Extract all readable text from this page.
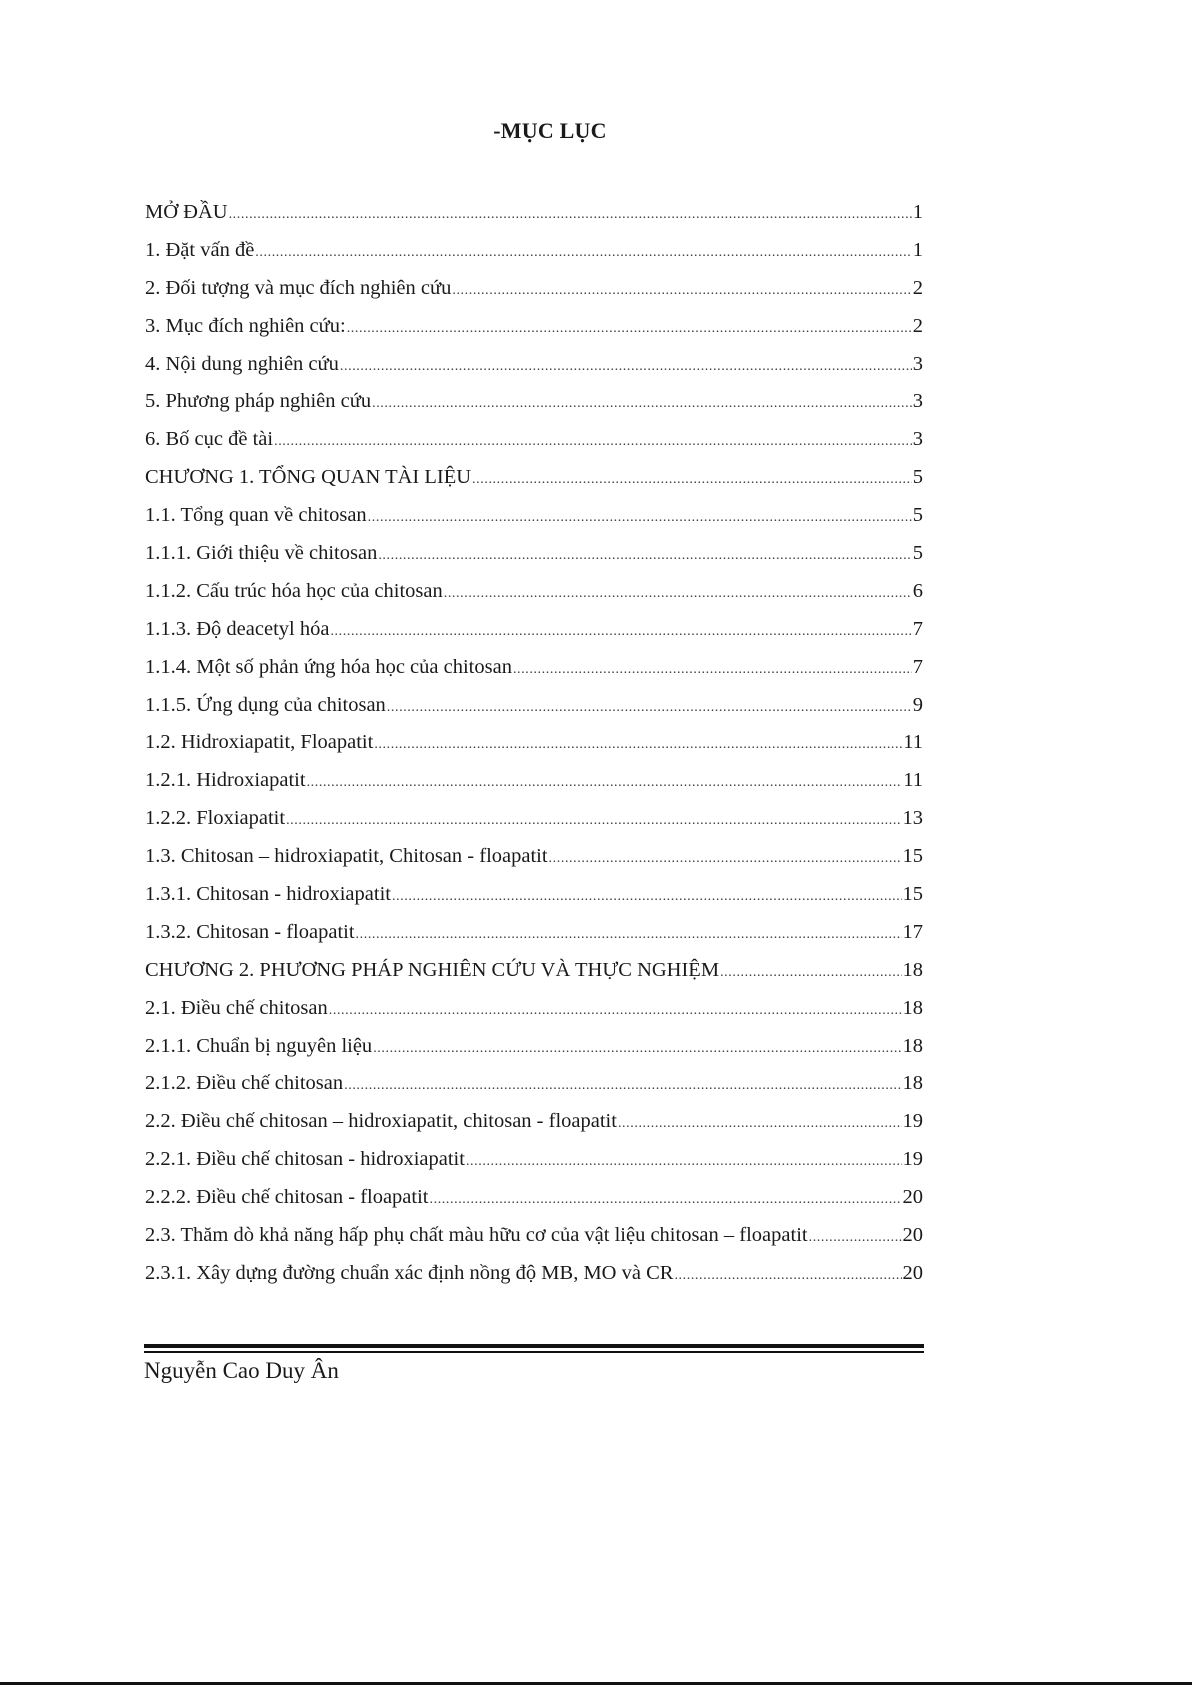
-MỤC LỤC
MỞ ĐẦU .....	1
1. Đặt vấn đề .....	1
2. Đối tượng và mục đích nghiên cứu .....	2
3. Mục đích nghiên cứu: .....	2
4. Nội dung nghiên cứu .....	3
5. Phương pháp nghiên cứu .....	3
6. Bố cục đề tài .....	3
CHƯƠNG 1. TỔNG QUAN TÀI LIỆU .....	5
1.1. Tổng quan về chitosan .....	5
1.1.1. Giới thiệu về chitosan .....	5
1.1.2. Cấu trúc hóa học của chitosan .....	6
1.1.3. Độ deacetyl hóa .....	7
1.1.4. Một số phản ứng hóa học của chitosan .....	7
1.1.5. Ứng dụng của chitosan .....	9
1.2. Hidroxiapatit, Floapatit .....	11
1.2.1. Hidroxiapatit .....	11
1.2.2. Floxiapatit .....	13
1.3. Chitosan – hidroxiapatit, Chitosan - floapatit .....	15
1.3.1. Chitosan - hidroxiapatit .....	15
1.3.2. Chitosan - floapatit .....	17
CHƯƠNG 2. PHƯƠNG PHÁP NGHIÊN CỨU VÀ THỰC NGHIỆM .....	18
2.1. Điều chế chitosan .....	18
2.1.1. Chuẩn bị nguyên liệu .....	18
2.1.2. Điều chế chitosan .....	18
2.2. Điều chế chitosan – hidroxiapatit, chitosan - floapatit .....	19
2.2.1. Điều chế chitosan - hidroxiapatit .....	19
2.2.2. Điều chế chitosan - floapatit .....	20
2.3. Thăm dò khả năng hấp phụ chất màu hữu cơ của vật liệu chitosan – floapatit .....	20
2.3.1. Xây dựng đường chuẩn xác định nồng độ MB, MO và CR .....	20
Nguyễn Cao Duy Ân
